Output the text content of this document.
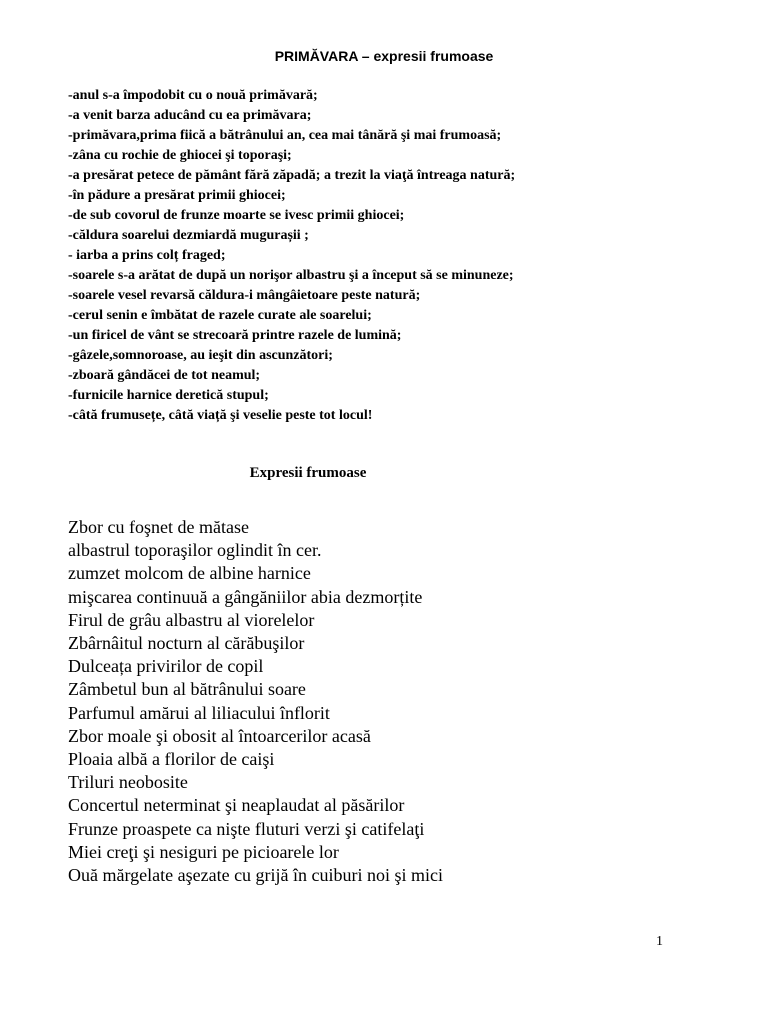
PRIMĂVARA – expresii frumoase
-anul s-a împodobit cu o nouă primăvară;
-a venit barza aducând cu ea primăvara;
-primăvara,prima fiică a bătrânului an, cea mai tânără şi mai frumoasă;
-zâna cu rochie de ghiocei şi toporaşi;
-a presărat petece de pământ fără zăpadă; a trezit la viaţă întreaga natură;
-în pădure a presărat primii ghiocei;
-de sub covorul de frunze moarte se ivesc primii ghiocei;
-căldura soarelui dezmiardă mugurașii ;
- iarba a prins colț fraged;
-soarele s-a arătat de după un norişor albastru şi a început să se minuneze;
-soarele vesel revarsă căldura-i mângâietoare peste natură;
-cerul senin e îmbătat de razele curate ale soarelui;
-un firicel de vânt se strecoară printre razele de lumină;
-gâzele,somnoroase, au ieşit din ascunzători;
-zboară gândăcei de tot neamul;
-furnicile harnice deretică stupul;
-câtă frumusețe, câtă viață şi veselie peste tot locul!
Expresii frumoase
Zbor cu foşnet de mătase
albastrul toporaşilor oglindit în cer.
zumzet molcom de albine harnice
mişcarea continuuă a gângăniilor abia dezmorțite
Firul de grâu albastru al viorelelor
Zbârnâitul nocturn al cărăbuşilor
Dulceața privirilor de copil
Zâmbetul bun al bătrânului soare
Parfumul amărui al liliacului înflorit
Zbor moale şi obosit al întoarcerilor acasă
Ploaia albă a florilor de caişi
Triluri neobosite
Concertul neterminat şi neaplaudat al păsărilor
Frunze proaspete ca nişte fluturi verzi şi catifelaţi
Miei creţi şi nesiguri pe picioarele lor
Ouă mărgelate aşezate cu grijă în cuiburi noi şi mici
1
